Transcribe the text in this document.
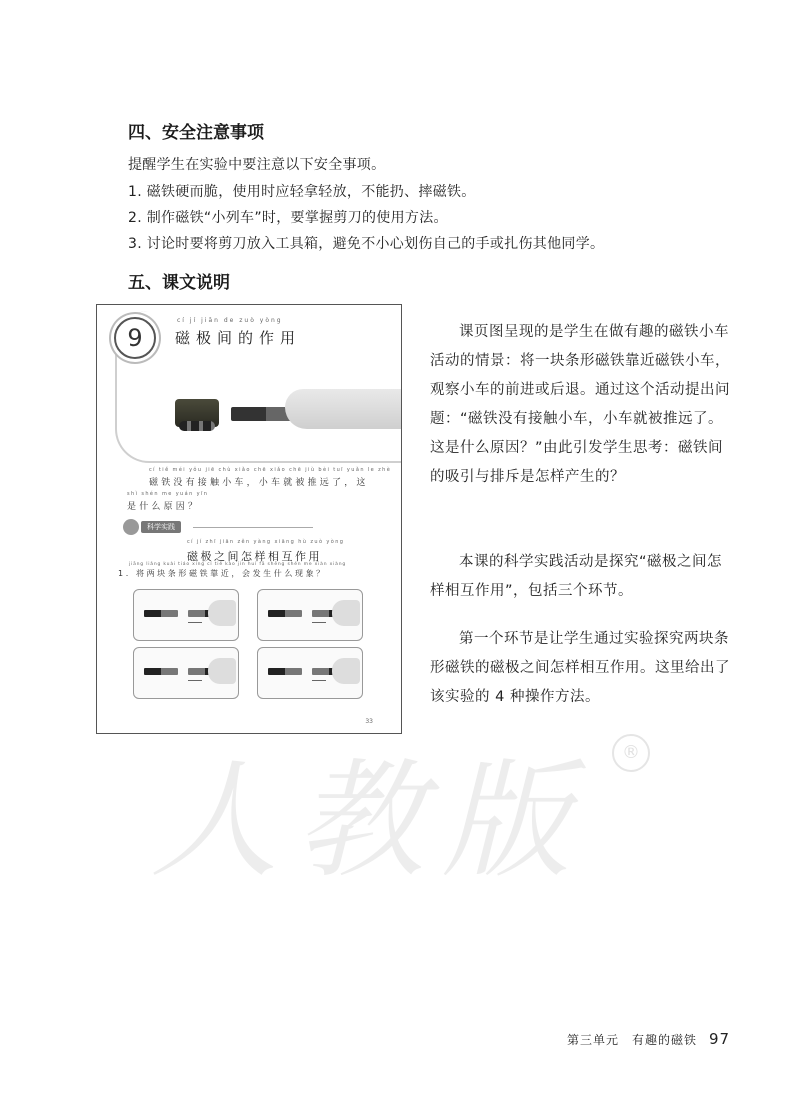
四、安全注意事项
提醒学生在实验中要注意以下安全事项。
1. 磁铁硬而脆，使用时应轻拿轻放，不能扔、摔磁铁。
2. 制作磁铁“小列车”时，要掌握剪刀的使用方法。
3. 讨论时要将剪刀放入工具箱，避免不小心划伤自己的手或扎伤其他同学。
五、课文说明
9
cí jí jiān de zuò yòng
磁极间的作用
cí tiě méi yǒu jiē chù xiǎo chē xiǎo chē jiù bèi tuī yuǎn le zhè
磁铁没有接触小车，小车就被推远了，这
shì shén me yuán yīn
是什么原因？
科学实践
cí jí zhī jiān zěn yàng xiāng hù zuò yòng
磁极之间怎样相互作用
jiāng liǎng kuài tiáo xíng cí tiě kào jìn huì fā shēng shén me xiàn xiàng
1. 将两块条形磁铁靠近，会发生什么现象？
33

课页图呈现的是学生在做有趣的磁铁小车活动的情景：将一块条形磁铁靠近磁铁小车，观察小车的前进或后退。通过这个活动提出问题：“磁铁没有接触小车，小车就被推远了。这是什么原因？”由此引发学生思考：磁铁间的吸引与排斥是怎样产生的？

本课的科学实践活动是探究“磁极之间怎样相互作用”，包括三个环节。

第一个环节是让学生通过实验探究两块条形磁铁的磁极之间怎样相互作用。这里给出了该实验的 4 种操作方法。

人教版	®
第三单元　有趣的磁铁 97
